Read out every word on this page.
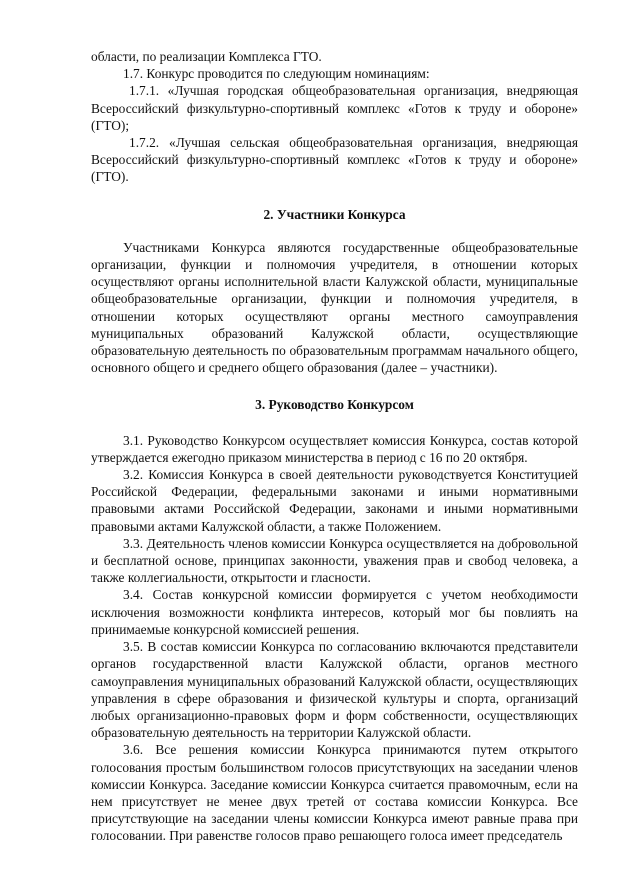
области, по реализации Комплекса ГТО.

1.7. Конкурс проводится по следующим номинациям:

1.7.1. «Лучшая городская общеобразовательная организация, внедряющая Всероссийский физкультурно-спортивный комплекс «Готов к труду и обороне» (ГТО);

1.7.2. «Лучшая сельская общеобразовательная организация, внедряющая Всероссийский физкультурно-спортивный комплекс «Готов к труду и обороне» (ГТО).

2. Участники Конкурса

Участниками Конкурса являются государственные общеобразовательные организации, функции и полномочия учредителя, в отношении которых осуществляют органы исполнительной власти Калужской области, муниципальные общеобразовательные организации, функции и полномочия учредителя, в отношении которых осуществляют органы местного самоуправления муниципальных образований Калужской области, осуществляющие образовательную деятельность по образовательным программам начального общего, основного общего и среднего общего образования (далее – участники).

3. Руководство Конкурсом

3.1. Руководство Конкурсом осуществляет комиссия Конкурса, состав которой утверждается ежегодно приказом министерства в период с 16 по 20 октября.

3.2. Комиссия Конкурса в своей деятельности руководствуется Конституцией Российской Федерации, федеральными законами и иными нормативными правовыми актами Российской Федерации, законами и иными нормативными правовыми актами Калужской области, а также Положением.

3.3. Деятельность членов комиссии Конкурса осуществляется на добровольной и бесплатной основе, принципах законности, уважения прав и свобод человека, а также коллегиальности, открытости и гласности.

3.4. Состав конкурсной комиссии формируется с учетом необходимости исключения возможности конфликта интересов, который мог бы повлиять на принимаемые конкурсной комиссией решения.

3.5. В состав комиссии Конкурса по согласованию включаются представители органов государственной власти Калужской области, органов местного самоуправления муниципальных образований Калужской области, осуществляющих управления в сфере образования и физической культуры и спорта, организаций любых организационно-правовых форм и форм собственности, осуществляющих образовательную деятельность на территории Калужской области.

3.6. Все решения комиссии Конкурса принимаются путем открытого голосования простым большинством голосов присутствующих на заседании членов комиссии Конкурса. Заседание комиссии Конкурса считается правомочным, если на нем присутствует не менее двух третей от состава комиссии Конкурса. Все присутствующие на заседании члены комиссии Конкурса имеют равные права при голосовании. При равенстве голосов право решающего голоса имеет председатель
